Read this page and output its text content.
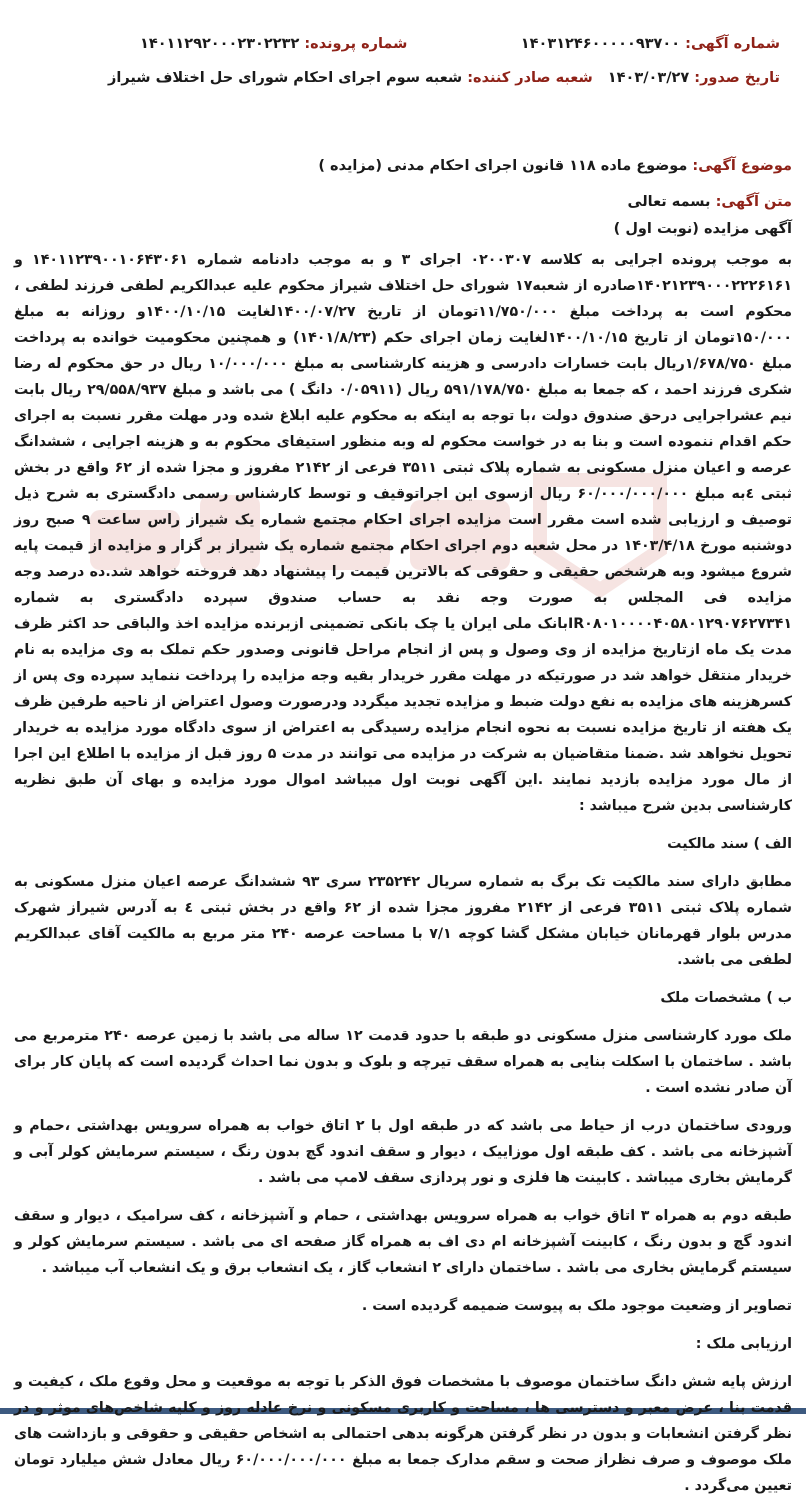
شماره آگهی: ۱۴۰۳۱۲۴۶۰۰۰۰۰۹۳۷۰۰
شماره پرونده: ۱۴۰۱۱۲۹۲۰۰۰۲۳۰۲۲۳۲
تاریخ صدور: ۱۴۰۳/۰۳/۲۷
شعبه صادر کننده: شعبه سوم اجرای احکام شورای حل اختلاف شیراز
موضوع آگهی: موضوع ماده ۱۱۸ قانون اجرای احکام مدنی (مزایده )
متن آگهی: بسمه تعالی
آگهی مزایده (نوبت اول )

به موجب پرونده اجرایی به کلاسه ۰۲۰۰۳۰۷ اجرای ۳ و به موجب دادنامه شماره ۱۴۰۱۱۲۳۹۰۰۱۰۶۴۳۰۶۱ و ۱۴۰۲۱۲۳۹۰۰۰۲۲۲۶۱۶۱صادره از شعبه۱۷ شورای حل اختلاف شیراز محکوم علیه عبدالکریم لطفی فرزند لطفی ، محکوم است به پرداخت مبلغ ۱۱/۷۵۰/۰۰۰تومان از تاریخ ۱۴۰۰/۰۷/۲۷لغایت ۱۴۰۰/۱۰/۱۵و روزانه به مبلغ ۱۵۰/۰۰۰تومان از تاریخ ۱۴۰۰/۱۰/۱۵لغایت زمان اجرای حکم (۱۴۰۱/۸/۲۳) و همچنین محکومیت خوانده به پرداخت مبلغ ۱/۶۷۸/۷۵۰ریال بابت خسارات دادرسی و هزینه کارشناسی به مبلغ ۱۰/۰۰۰/۰۰۰ ریال در حق محکوم له رضا شکری فرزند احمد ، که جمعا به مبلغ ۵۹۱/۱۷۸/۷۵۰ ریال (۰/۰۵۹۱۱ دانگ ) می باشد و مبلغ ۲۹/۵۵۸/۹۳۷ ریال بابت نیم عشراجرایی درحق صندوق دولت ،با توجه به اینکه به محکوم علیه ابلاغ شده ودر مهلت مقرر نسبت به اجرای حکم اقدام ننموده است و بنا به در خواست محکوم له وبه منظور استیفای محکوم به و هزینه اجرایی ، ششدانگ عرصه و اعیان منزل مسکونی به شماره پلاک ثبتی ۳۵۱۱ فرعی از ۲۱۴۲ مفروز و مجزا شده از ۶۲ واقع در بخش ثبتی ٤به مبلغ ۶۰/۰۰۰/۰۰۰/۰۰۰ ریال ازسوی این اجراتوقیف و توسط کارشناس رسمی دادگستری به شرح ذیل توصیف و ارزیابی شده است مقرر است مزایده اجرای احکام مجتمع شماره یک شیراز راس ساعت ۹ صبح روز دوشنبه مورخ ۱۴۰۳/۴/۱۸ در محل شعبه دوم اجرای احکام مجتمع شماره یک شیراز بر گزار و مزایده از قیمت پایه شروع میشود وبه هرشخص حقیقی و حقوقی که بالاترین قیمت را پیشنهاد دهد فروخته خواهد شد.ده درصد وجه مزایده فی المجلس به صورت وجه نقد به حساب صندوق سپرده دادگستری به شماره IR۰۸۰۱۰۰۰۰۴۰۵۸۰۱۲۹۰۷۶۲۷۳۴۱بانک ملی ایران یا چک بانکی تضمینی ازبرنده مزایده اخذ والباقی حد اکثر ظرف مدت یک ماه ازتاریخ مزایده از وی وصول و پس از انجام مراحل قانونی وصدور حکم تملک به وی مزایده به نام خریدار منتقل خواهد شد در صورتیکه در مهلت مقرر خریدار بقیه وجه مزایده را پرداخت ننماید سپرده وی پس از کسرهزینه های مزایده به نفع دولت ضبط و مزایده تجدید میگردد ودرصورت وصول اعتراض از ناحیه طرفین ظرف یک هفته از تاریخ مزایده نسبت به نحوه انجام مزایده رسیدگی به اعتراض از سوی دادگاه مورد مزایده به خریدار تحویل نخواهد شد .ضمنا متقاضیان به شرکت در مزایده می توانند در مدت ۵ روز قبل از مزایده با اطلاع این اجرا از مال مورد مزایده بازدید نمایند .این آگهی نوبت اول میباشد اموال مورد مزایده و بهای آن طبق نظریه کارشناسی بدین شرح میباشد :

الف ) سند مالکیت

مطابق دارای سند مالکیت تک برگ به شماره سریال ۲۳۵۲۴۲ سری ۹۳ ششدانگ عرصه اعیان منزل مسکونی به شماره پلاک ثبتی ۳۵۱۱ فرعی از ۲۱۴۲ مفروز مجزا شده از ۶۲ واقع در بخش ثبتی ٤ به آدرس شیراز شهرک مدرس بلوار قهرمانان خیابان مشکل گشا کوچه ۷/۱ با مساحت عرصه ۲۴۰ متر مربع به مالکیت آقای عبدالکریم لطفی می باشد.

ب ) مشخصات ملک

ملک مورد کارشناسی منزل مسکونی دو طبقه با حدود قدمت ۱۲ ساله می باشد با زمین عرصه ۲۴۰ مترمربع می باشد . ساختمان با اسکلت بنایی به همراه سقف تیرچه و بلوک و بدون نما احداث گردیده است که پایان کار برای آن صادر نشده است .

ورودی ساختمان درب از حیاط می باشد که در طبقه اول با ۲ اتاق خواب به همراه سرویس بهداشتی ،حمام و آشپزخانه می باشد . کف طبقه اول موزاییک ، دیوار و سقف اندود گچ بدون رنگ ، سیستم سرمایش کولر آبی و گرمایش بخاری میباشد . کابینت ها فلزی و نور پردازی سقف لامپ می باشد .

طبقه دوم به همراه ۳ اتاق خواب به همراه سرویس بهداشتی ، حمام و آشپزخانه ، کف سرامیک ، دیوار و سقف اندود گچ و بدون رنگ ، کابینت آشپزخانه ام دی اف به همراه گاز صفحه ای می باشد . سیستم سرمایش کولر و سیستم گرمایش بخاری می باشد . ساختمان دارای ۲ انشعاب گاز ، یک انشعاب برق و یک انشعاب آب میباشد .

تصاویر از وضعیت موجود ملک به پیوست ضمیمه گردیده است .

ارزیابی ملک :

ارزش پایه شش دانگ ساختمان موصوف با مشخصات فوق الذکر با توجه به موقعیت و محل وقوع ملک ، کیفیت و قدمت بنا ، عرض معبر و دسترسی ها ، مساحت و کاربری مسکونی و نرخ عادله روز و کلیه شاخص‌های موثر و در نظر گرفتن انشعابات و بدون در نظر گرفتن هرگونه بدهی احتمالی به اشخاص حقیقی و حقوقی و بازداشت های ملک موصوف و صرف نظراز صحت و سقم مدارک جمعا به مبلغ ۶۰/۰۰۰/۰۰۰/۰۰۰ ریال معادل شش میلیارد تومان تعیین می‌گردد .
